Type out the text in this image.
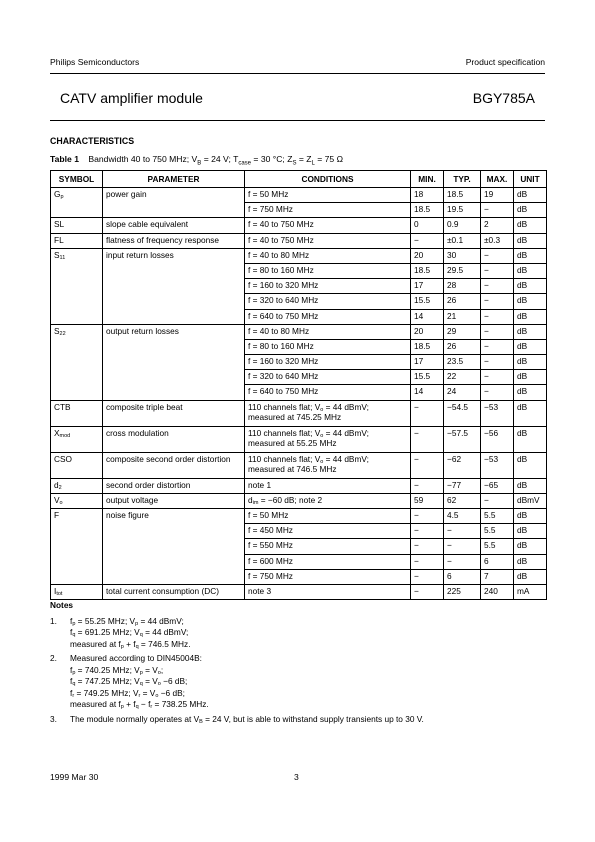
Philips Semiconductors	Product specification
CATV amplifier module	BGY785A
CHARACTERISTICS
Table 1 Bandwidth 40 to 750 MHz; $V_B = 24$ V; $T_{case} = 30$ °C; $Z_S = Z_L = 75$ Ω
SYMBOL	PARAMETER	CONDITIONS	MIN.	TYP.	MAX.	UNIT
$G_p$	power gain	f = 50 MHz	18	18.5	19	dB
		f = 750 MHz	18.5	19.5	−	dB
SL	slope cable equivalent	f = 40 to 750 MHz	0	0.9	2	dB
FL	flatness of frequency response	f = 40 to 750 MHz	−	±0.1	±0.3	dB
$S_{11}$	input return losses	f = 40 to 80 MHz	20	30	−	dB
		f = 80 to 160 MHz	18.5	29.5	−	dB
		f = 160 to 320 MHz	17	28	−	dB
		f = 320 to 640 MHz	15.5	26	−	dB
		f = 640 to 750 MHz	14	21	−	dB
$S_{22}$	output return losses	f = 40 to 80 MHz	20	29	−	dB
		f = 80 to 160 MHz	18.5	26	−	dB
		f = 160 to 320 MHz	17	23.5	−	dB
		f = 320 to 640 MHz	15.5	22	−	dB
		f = 640 to 750 MHz	14	24	−	dB
CTB	composite triple beat	110 channels flat; $V_o = 44$ dBmV; measured at 745.25 MHz	−	−54.5	−53	dB
$X_{mod}$	cross modulation	110 channels flat; $V_o = 44$ dBmV; measured at 55.25 MHz	−	−57.5	−56	dB
CSO	composite second order distortion	110 channels flat; $V_o = 44$ dBmV; measured at 746.5 MHz	−	−62	−53	dB
$d_2$	second order distortion	note 1	−	−77	−65	dB
$V_o$	output voltage	$d_{im} = -60$ dB; note 2	59	62	−	dBmV
F	noise figure	f = 50 MHz	−	4.5	5.5	dB
		f = 450 MHz	−	−	5.5	dB
		f = 550 MHz	−	−	5.5	dB
		f = 600 MHz	−	−	6	dB
		f = 750 MHz	−	6	7	dB
$I_{tot}$	total current consumption (DC)	note 3	−	225	240	mA
Notes
1.	$f_p = 55.25$ MHz; $V_p = 44$ dBmV;
$f_q = 691.25$ MHz; $V_q = 44$ dBmV;
measured at $f_p + f_q = 746.5$ MHz.
2.	Measured according to DIN45004B:
$f_p = 740.25$ MHz; $V_p = V_o$;
$f_q = 747.25$ MHz; $V_q = V_o -6$ dB;
$f_r = 749.25$ MHz; $V_r = V_o -6$ dB;
measured at $f_p + f_q - f_r = 738.25$ MHz.
3.	The module normally operates at $V_B = 24$ V, but is able to withstand supply transients up to 30 V.
1999 Mar 30	3
